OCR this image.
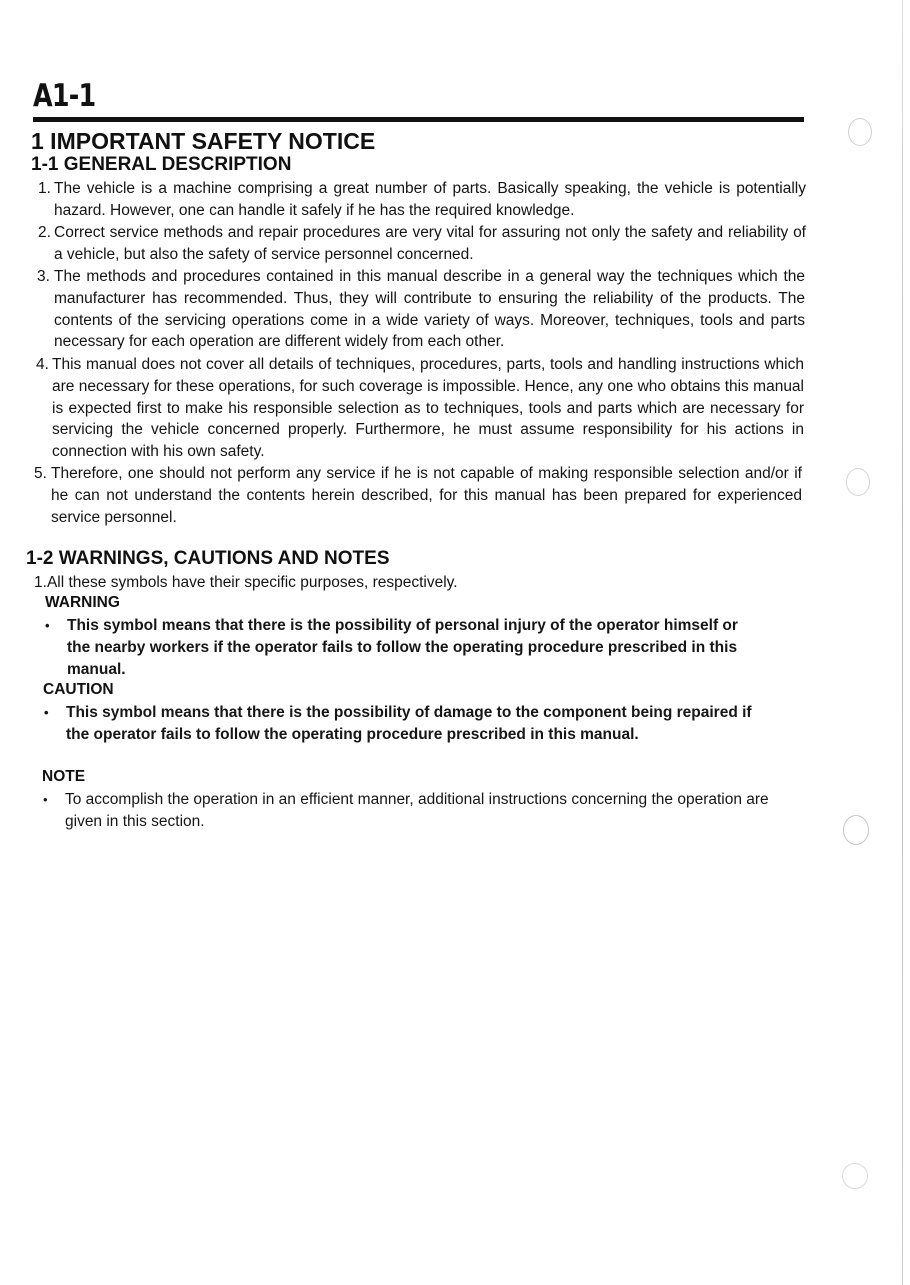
A1-1
1 IMPORTANT SAFETY NOTICE
1-1 GENERAL DESCRIPTION
1. The vehicle is a machine comprising a great number of parts. Basically speaking, the vehicle is potentially hazard. However, one can handle it safely if he has the required knowledge.
2. Correct service methods and repair procedures are very vital for assuring not only the safety and reliability of a vehicle, but also the safety of service personnel concerned.
3. The methods and procedures contained in this manual describe in a general way the techniques which the manufacturer has recommended. Thus, they will contribute to ensuring the reliability of the products. The contents of the servicing operations come in a wide variety of ways. Moreover, techniques, tools and parts necessary for each operation are different widely from each other.
4. This manual does not cover all details of techniques, procedures, parts, tools and handling instructions which are necessary for these operations, for such coverage is impossible. Hence, any one who obtains this manual is expected first to make his responsible selection as to techniques, tools and parts which are necessary for servicing the vehicle concerned properly. Furthermore, he must assume responsibility for his actions in connection with his own safety.
5. Therefore, one should not perform any service if he is not capable of making responsible selection and/or if he can not understand the contents herein described, for this manual has been prepared for experienced service personnel.
1-2 WARNINGS, CAUTIONS AND NOTES
1.All these symbols have their specific purposes, respectively.
WARNING
•	This symbol means that there is the possibility of personal injury of the operator himself or the nearby workers if the operator fails to follow the operating procedure prescribed in this manual.
CAUTION
•	This symbol means that there is the possibility of damage to the component being repaired if the operator fails to follow the operating procedure prescribed in this manual.
NOTE
•	To accomplish the operation in an efficient manner, additional instructions concerning the operation are given in this section.
